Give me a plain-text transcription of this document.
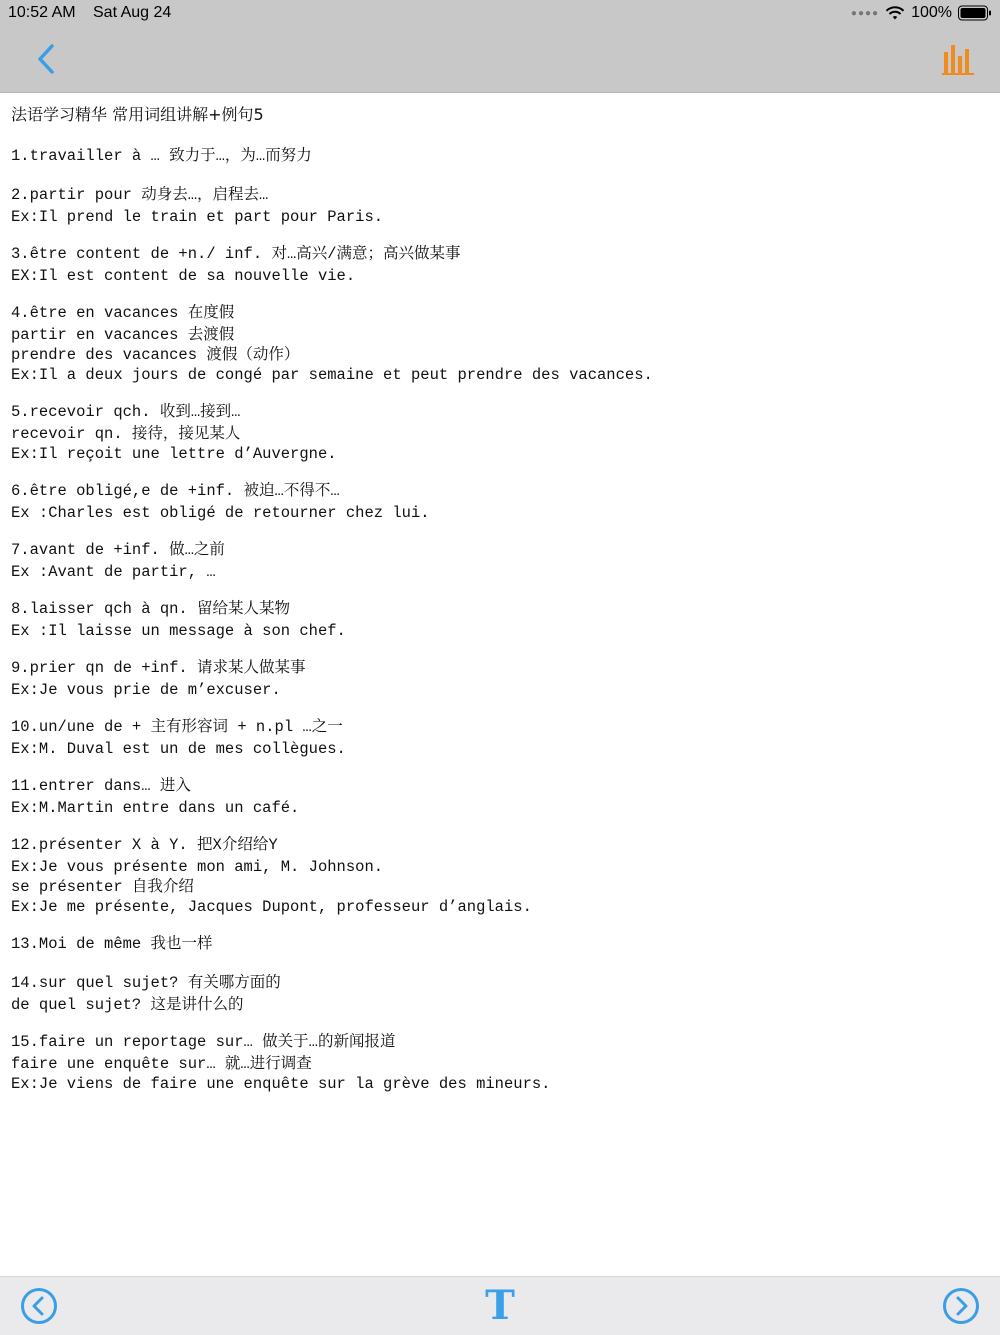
10:52 AM Sat Aug 24	●●●● 100%
法语学习精华 常用词组讲解+例句5
1.travailler à … 致力于…，为…而努力
2.partir pour 动身去…，启程去…
Ex:Il prend le train et part pour Paris.
3.être content de +n./ inf. 对…高兴/满意；高兴做某事
EX:Il est content de sa nouvelle vie.
4.être en vacances 在度假
partir en vacances 去渡假
prendre des vacances 渡假（动作）
Ex:Il a deux jours de congé par semaine et peut prendre des vacances.
5.recevoir qch. 收到…接到…
recevoir qn. 接待，接见某人
Ex:Il reçoit une lettre d’Auvergne.
6.être obligé,e de +inf. 被迫…不得不…
Ex :Charles est obligé de retourner chez lui.
7.avant de +inf. 做…之前
Ex :Avant de partir, …
8.laisser qch à qn. 留给某人某物
Ex :Il laisse un message à son chef.
9.prier qn de +inf. 请求某人做某事
Ex:Je vous prie de m’excuser.
10.un/une de + 主有形容词 + n.pl …之一
Ex:M. Duval est un de mes collègues.
11.entrer dans… 进入
Ex:M.Martin entre dans un café.
12.présenter X à Y. 把X介绍给Y
Ex:Je vous présente mon ami, M. Johnson.
se présenter 自我介绍
Ex:Je me présente, Jacques Dupont, professeur d’anglais.
13.Moi de même 我也一样
14.sur quel sujet? 有关哪方面的
de quel sujet? 这是讲什么的
15.faire un reportage sur… 做关于…的新闻报道
faire une enquête sur… 就…进行调查
Ex:Je viens de faire une enquête sur la grève des mineurs.
T
